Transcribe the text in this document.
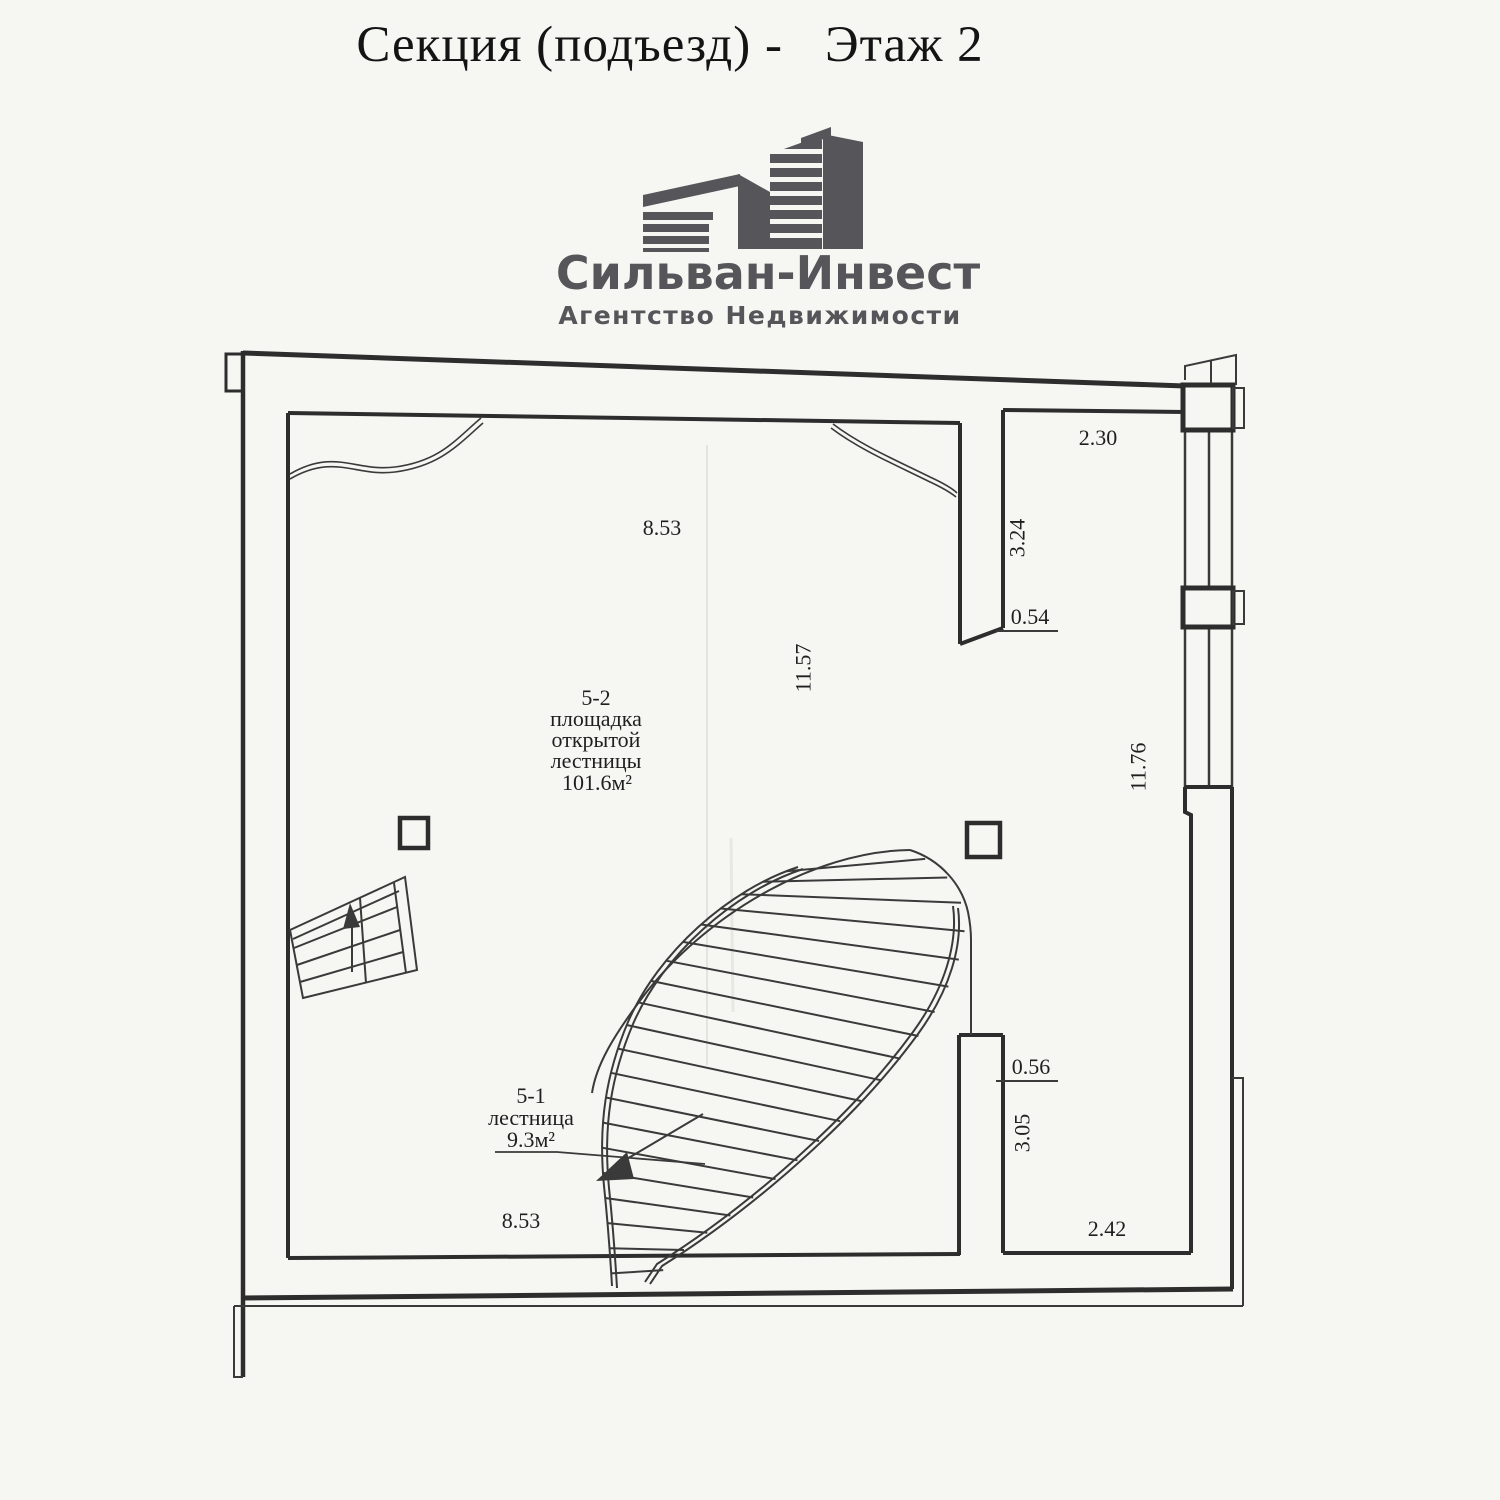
Секция (подъезд) - Этаж 2
Сильван-Инвест
Агентство Недвижимости
8.53
2.30
3.24
0.54
11.57
11.76
0.56
3.05
2.42
8.53
5-2
площадка
открытой
лестницы
101.6м²
5-1
лестница
9.3м²
